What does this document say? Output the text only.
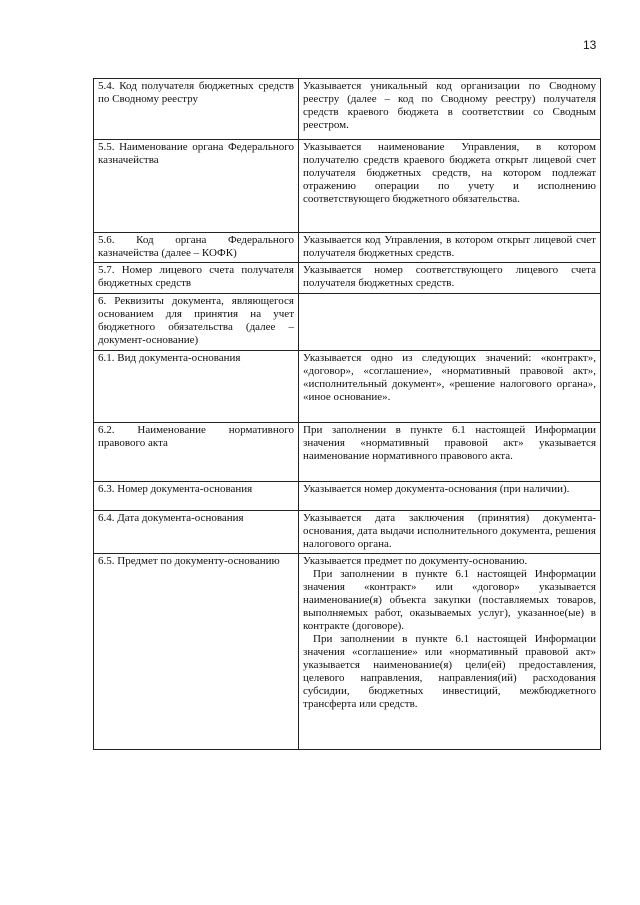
13
5.4. Код получателя бюджетных средств по Сводному реестру	Указывается уникальный код организации по Сводному реестру (далее – код по Сводному реестру) получателя средств краевого бюджета в соответствии со Сводным реестром.

5.5. Наименование органа Федерального казначейства	Указывается наименование Управления, в котором получателю средств краевого бюджета открыт лицевой счет получателя бюджетных средств, на котором подлежат отражению операции по учету и исполнению соответствующего бюджетного обязательства.

5.6. Код органа Федерального казначейства (далее – КОФК)	Указывается код Управления, в котором открыт лицевой счет получателя бюджетных средств.

5.7. Номер лицевого счета получателя бюджетных средств	Указывается номер соответствующего лицевого счета получателя бюджетных средств.

6. Реквизиты документа, являющегося основанием для принятия на учет бюджетного обязательства (далее – документ-основание)	

6.1. Вид документа-основания	Указывается одно из следующих значений: «контракт», «договор», «соглашение», «нормативный правовой акт», «исполнительный документ», «решение налогового органа», «иное основание».

6.2. Наименование нормативного правового акта	При заполнении в пункте 6.1 настоящей Информации значения «нормативный правовой акт» указывается наименование нормативного правового акта.

6.3. Номер документа-основания	Указывается номер документа-основания (при наличии).

6.4. Дата документа-основания	Указывается дата заключения (принятия) документа-основания, дата выдачи исполнительного документа, решения налогового органа.

6.5. Предмет по документу-основанию	Указывается предмет по документу-основанию.
При заполнении в пункте 6.1 настоящей Информации значения «контракт» или «договор» указывается наименование(я) объекта закупки (поставляемых товаров, выполняемых работ, оказываемых услуг), указанное(ые) в контракте (договоре).
При заполнении в пункте 6.1 настоящей Информации значения «соглашение» или «нормативный правовой акт» указывается наименование(я) цели(ей) предоставления, целевого направления, направления(ий) расходования субсидии, бюджетных инвестиций, межбюджетного трансферта или средств.
